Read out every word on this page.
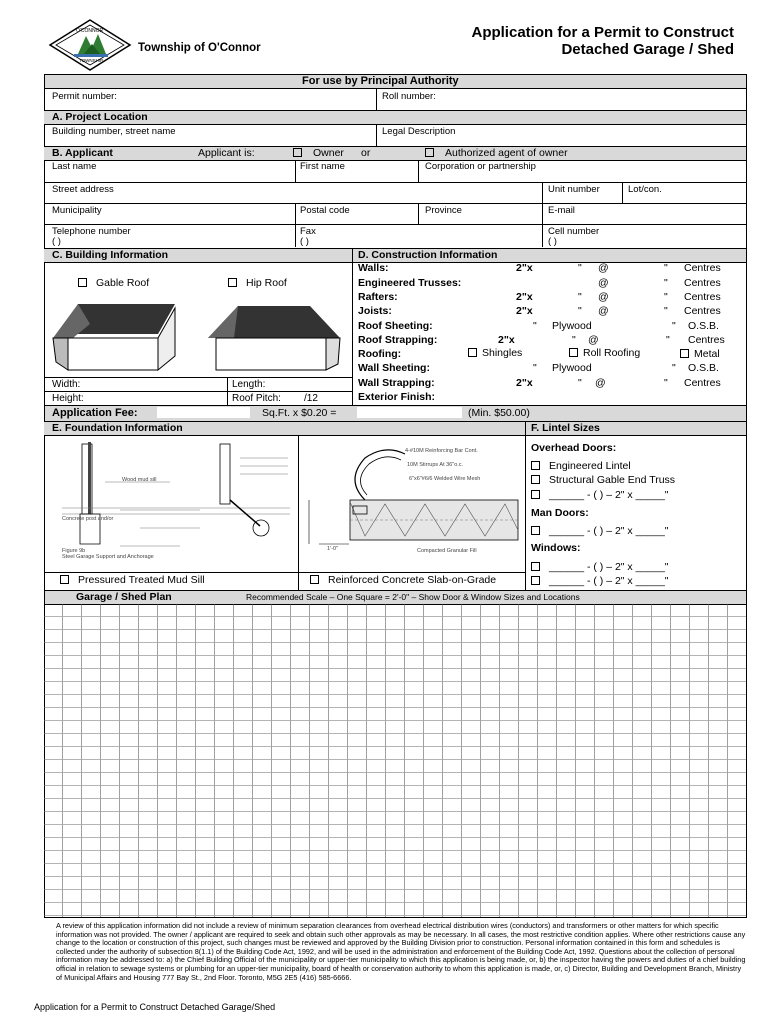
O'CONNOR
TOWNSHIP
Township of O'Connor
Application for a Permit to Construct
Detached Garage / Shed
For use by Principal Authority
Permit number:	Roll number:
A. Project Location
Building number, street name	Legal Description
B. Applicant	Applicant is:	Owner or	Authorized agent of owner
Last name	First name	Corporation or partnership
Street address	Unit number	Lot/con.
Municipality	Postal code	Province	E-mail
Telephone number
( )
Fax
( )
Cell number
( )
C. Building Information	D. Construction Information
Gable Roof	Hip Roof
Width:	Length:
Height:	Roof Pitch: /12
Walls:	2"x	" @	" Centres
Engineered Trusses:	@	" Centres
Rafters:	2"x	" @	" Centres
Joists:	2"x	" @	" Centres
Roof Sheeting:	" Plywood	" O.S.B.
Roof Strapping:	2"x	" @	" Centres
Roofing:	Shingles	Roll Roofing	Metal
Wall Sheeting:	" Plywood	" O.S.B.
Wall Strapping:	2"x	" @	" Centres
Exterior Finish:
Application Fee:	Sq.Ft. x $0.20 =	(Min. $50.00)
E. Foundation Information	F. Lintel Sizes
Wood mud sill
Concrete post and/or
Figure 9b
Steel Garage Support and Anchorage
4-#10M Reinforcing Bar Cont.
10M Stirrups At 36"o.c.
6"x6"#6/6 Welded Wire Mesh
Compacted Granular Fill
1'-0"
Pressured Treated Mud Sill	Reinforced Concrete Slab-on-Grade
Overhead Doors:
Engineered Lintel
Structural Gable End Truss
______ - ( ) – 2" x _____"
Man Doors:
______ - ( ) – 2" x _____"
Windows:
______ - ( ) – 2" x _____"
______ - ( ) – 2" x _____"
Garage / Shed Plan	Recommended Scale – One Square = 2'-0" – Show Door & Window Sizes and Locations
A review of this application information did not include a review of minimum separation clearances from overhead electrical distribution wires (conductors) and transformers or other matters for which specific information was not provided. The owner / applicant are required to seek and obtain such other approvals as may be necessary. In all cases, the most restrictive condition applies. Where other restrictions cause any change to the location or construction of this project, such changes must be reviewed and approved by the Building Division prior to construction. Personal information contained in this form and schedules is collected under the authority of subsection 8(1.1) of the Building Code Act, 1992, and will be used in the administration and enforcement of the Building Code Act, 1992. Questions about the collection of personal information may be addressed to: a) the Chief Building Official of the municipality or upper-tier municipality to which this application is being made, or, b) the inspector having the powers and duties of a chief building official in relation to sewage systems or plumbing for an upper-tier municipality, board of health or conservation authority to whom this application is made, or, c) Director, Building and Development Branch, Ministry of Municipal Affairs and Housing 777 Bay St., 2nd Floor. Toronto, M5G 2E5 (416) 585-6666.
Application for a Permit to Construct Detached Garage/Shed
